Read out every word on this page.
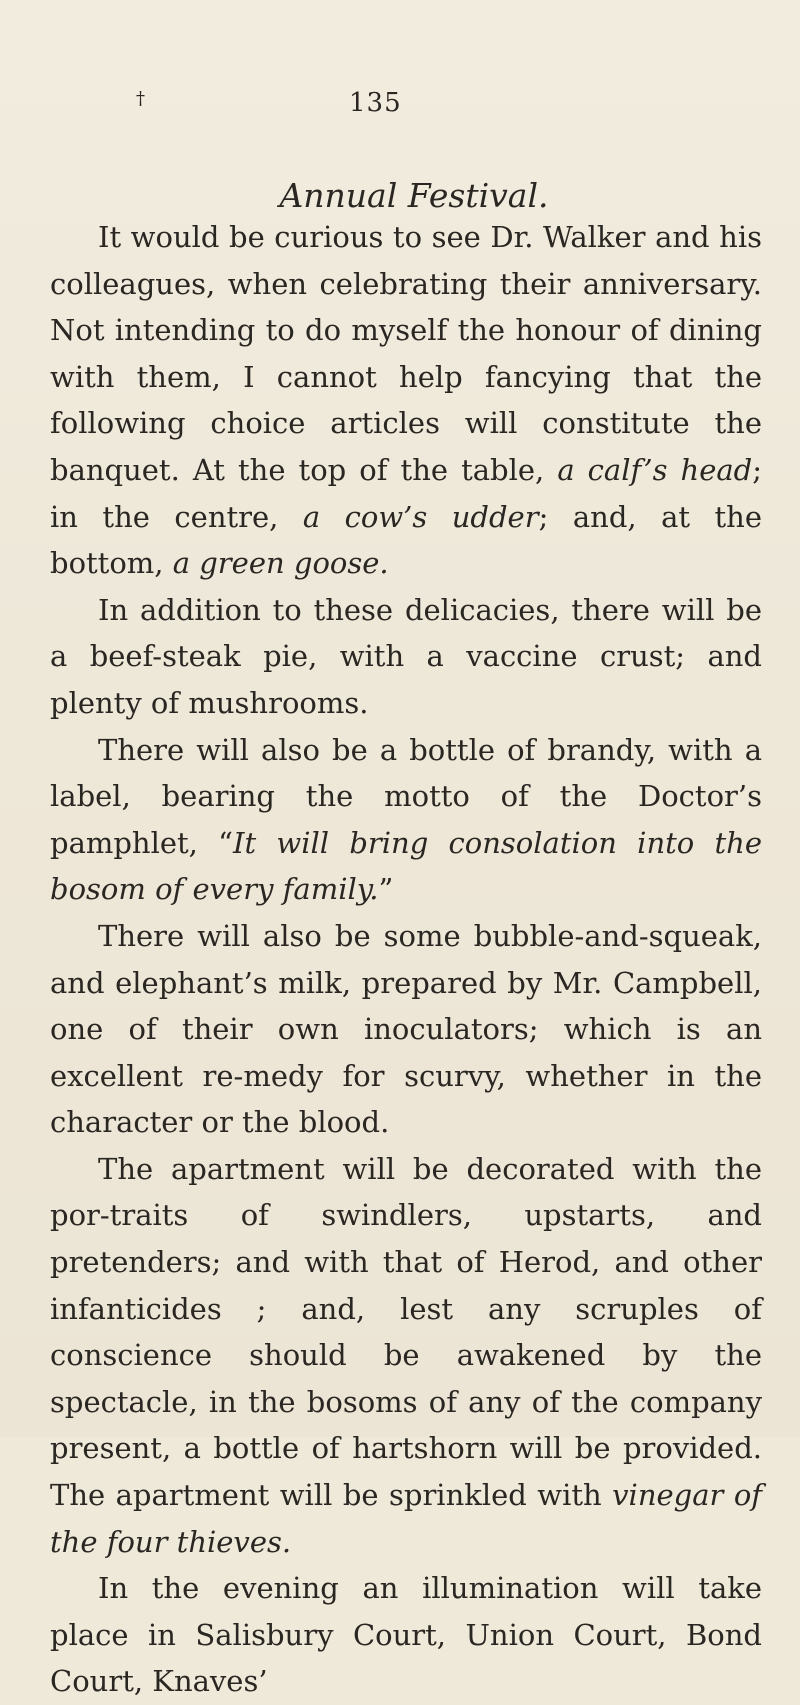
†	135
Annual Festival.

It would be curious to see Dr. Walker and his colleagues, when celebrating their anniversary. Not intending to do myself the honour of dining with them, I cannot help fancying that the following choice articles will constitute the banquet. At the top of the table, a calf’s head; in the centre, a cow’s udder; and, at the bottom, a green goose.

In addition to these delicacies, there will be a beef-steak pie, with a vaccine crust; and plenty of mushrooms.

There will also be a bottle of brandy, with a label, bearing the motto of the Doctor’s pamphlet, “It will bring consolation into the bosom of every family.”

There will also be some bubble-and-squeak, and elephant’s milk, prepared by Mr. Campbell, one of their own inoculators; which is an excellent re-medy for scurvy, whether in the character or the blood.

The apartment will be decorated with the por-traits of swindlers, upstarts, and pretenders; and with that of Herod, and other infanticides ; and, lest any scruples of conscience should be awakened by the spectacle, in the bosoms of any of the company present, a bottle of hartshorn will be provided. The apartment will be sprinkled with vinegar of the four thieves.

In the evening an illumination will take place in Salisbury Court, Union Court, Bond Court, Knaves’
